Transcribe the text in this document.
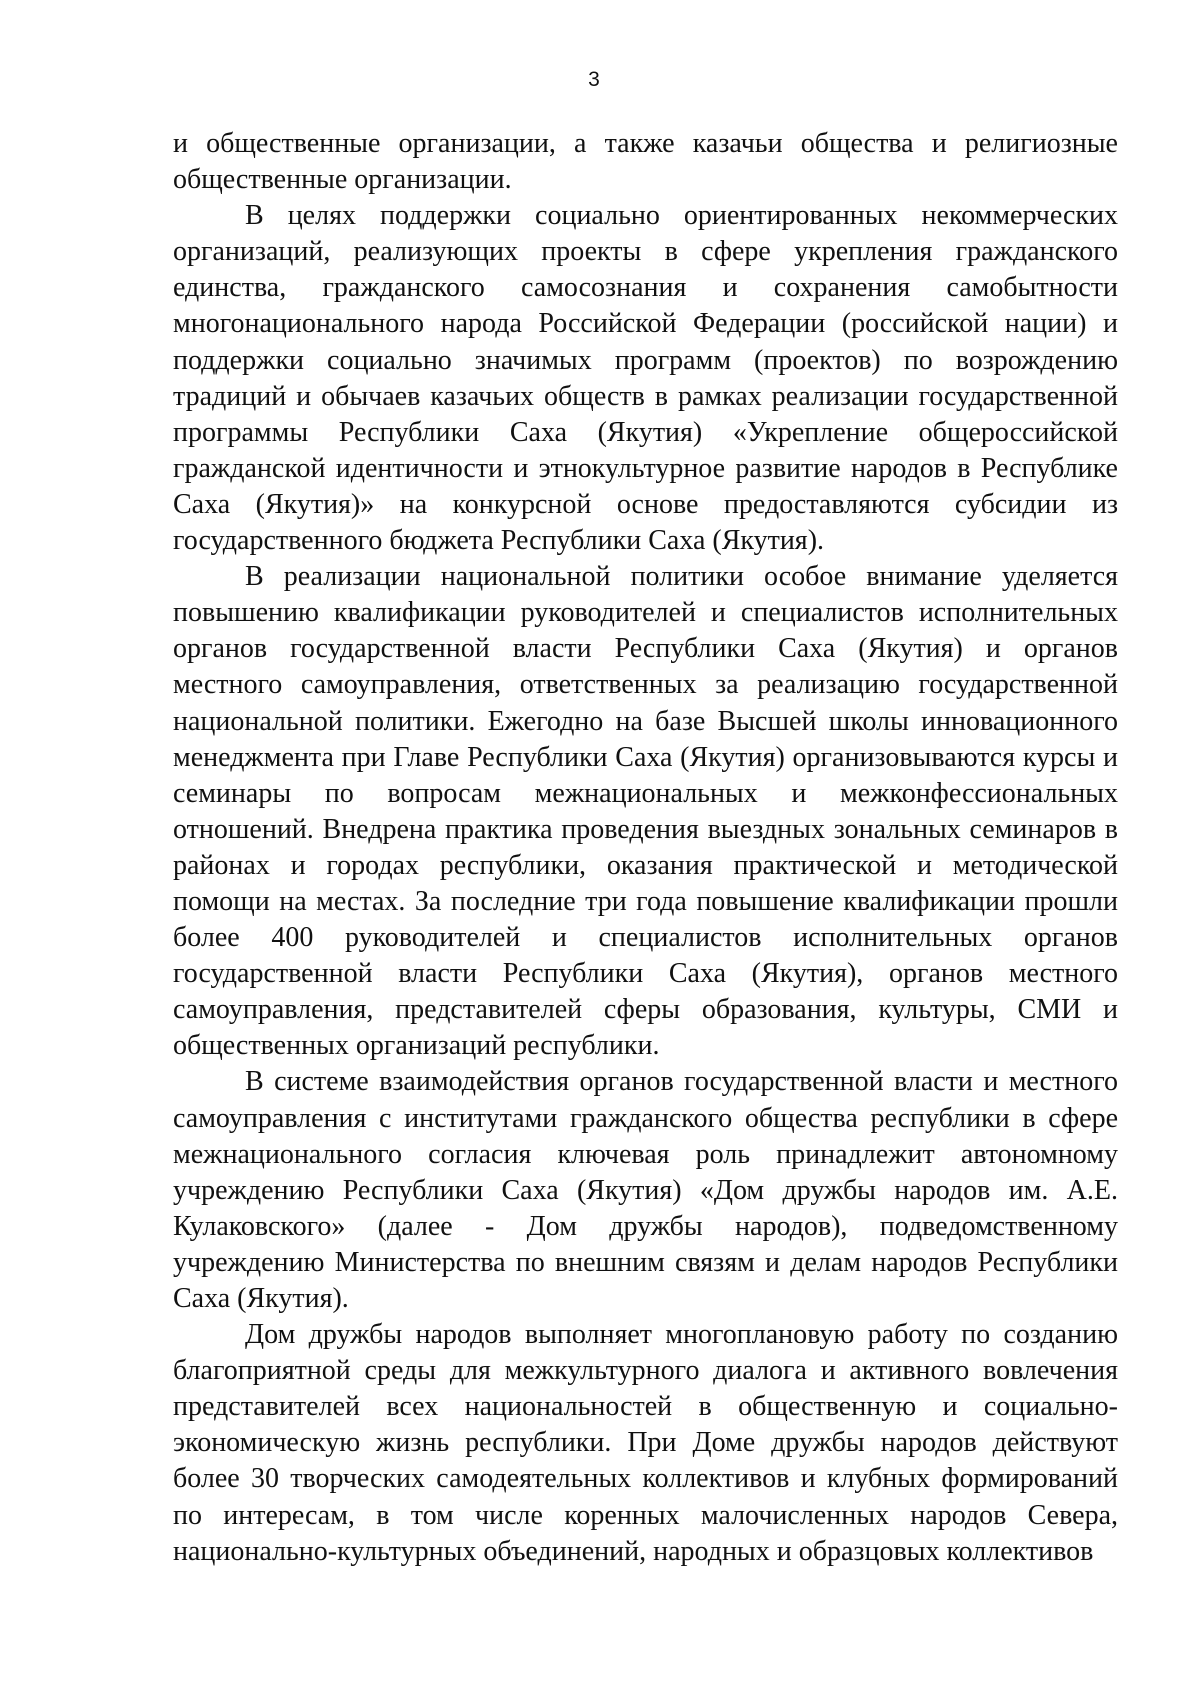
3

и общественные организации, а также казачьи общества и религиозные общественные организации.

В целях поддержки социально ориентированных некоммерческих организаций, реализующих проекты в сфере укрепления гражданского единства, гражданского самосознания и сохранения самобытности многонационального народа Российской Федерации (российской нации) и поддержки социально значимых программ (проектов) по возрождению традиций и обычаев казачьих обществ в рамках реализации государственной программы Республики Саха (Якутия) «Укрепление общероссийской гражданской идентичности и этнокультурное развитие народов в Республике Саха (Якутия)» на конкурсной основе предоставляются субсидии из государственного бюджета Республики Саха (Якутия).

В реализации национальной политики особое внимание уделяется повышению квалификации руководителей и специалистов исполнительных органов государственной власти Республики Саха (Якутия) и органов местного самоуправления, ответственных за реализацию государственной национальной политики. Ежегодно на базе Высшей школы инновационного менеджмента при Главе Республики Саха (Якутия) организовываются курсы и семинары по вопросам межнациональных и межконфессиональных отношений. Внедрена практика проведения выездных зональных семинаров в районах и городах республики, оказания практической и методической помощи на местах. За последние три года повышение квалификации прошли более 400 руководителей и специалистов исполнительных органов государственной власти Республики Саха (Якутия), органов местного самоуправления, представителей сферы образования, культуры, СМИ и общественных организаций республики.

В системе взаимодействия органов государственной власти и местного самоуправления с институтами гражданского общества республики в сфере межнационального согласия ключевая роль принадлежит автономному учреждению Республики Саха (Якутия) «Дом дружбы народов им. А.Е. Кулаковского» (далее - Дом дружбы народов), подведомственному учреждению Министерства по внешним связям и делам народов Республики Саха (Якутия).

Дом дружбы народов выполняет многоплановую работу по созданию благоприятной среды для межкультурного диалога и активного вовлечения представителей всех национальностей в общественную и социально-экономическую жизнь республики. При Доме дружбы народов действуют более 30 творческих самодеятельных коллективов и клубных формирований по интересам, в том числе коренных малочисленных народов Севера, национально-культурных объединений, народных и образцовых коллективов
